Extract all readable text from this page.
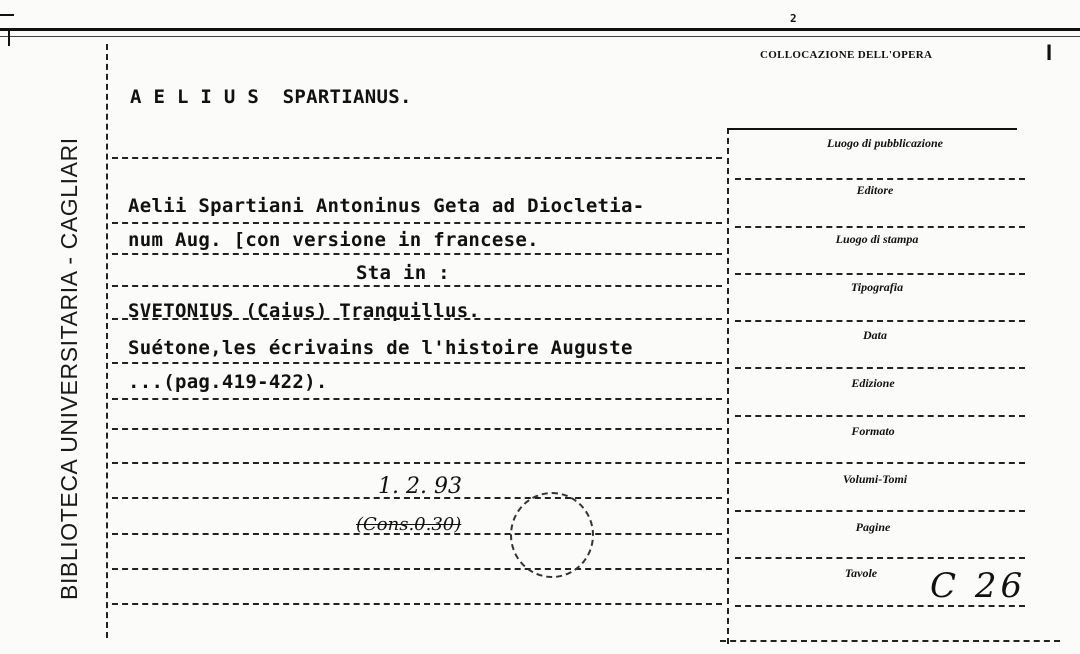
2
BIBLIOTECA UNIVERSITARIA - CAGLIARI
COLLOCAZIONE DELL'OPERA	I
Luogo di pubblicazione
Editore
Luogo di stampa
Tipografia
Data
Edizione
Formato
Volumi-Tomi
Pagine
Tavole
A E L I U S  SPARTIANUS.
Aelii Spartiani Antoninus Geta ad Diocletia-
num Aug. [con versione in francese.
Sta in :
SVETONIUS (Caius) Tranquillus.
Suétone,les écrivains de l'histoire Auguste
...(pag.419-422).
1. 2. 93
(Cons.0.30)
C 26
